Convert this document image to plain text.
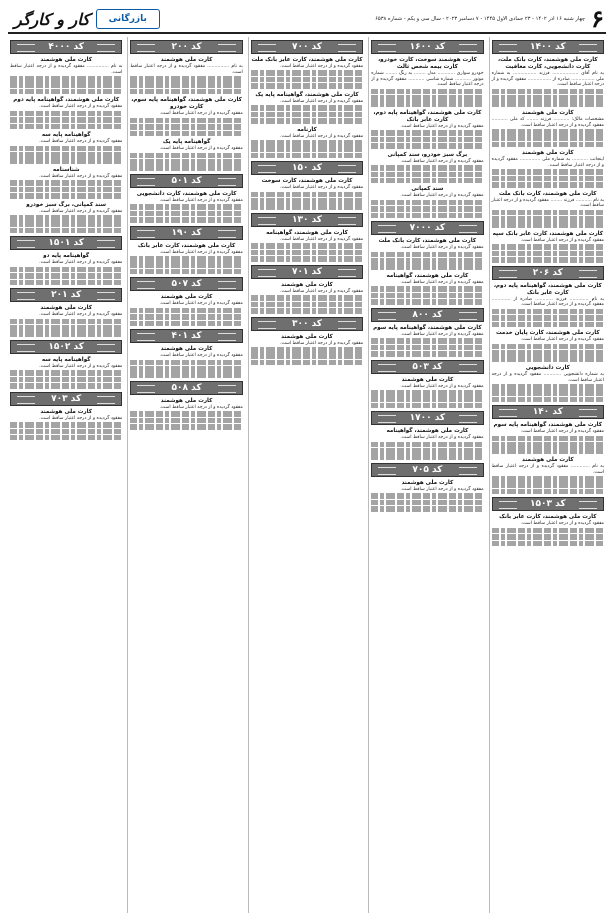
۶
چهار شنبه ۱۶ آذر ۱۴۰۲ - ۲۳ جمادی الاول ۱۴۴۵ - ۷ دسامبر ۲۰۲۳ - سال سی و یکم - شماره ۶۵۳۸
بازرگانی
کار و کارگر
کد ۱۴۰۰
کارت ملی هوشمند، کارت بانک ملت، کارت دانشجویی، کارت معافیت
به نام آقای .................. فرزند ................ به شماره ملی ................ صادره از ................ مفقود گردیده و از درجه اعتبار ساقط است.
کارت ملی هوشمند
مشخصات مالک: ........... فرزند ........ کد ملی ........... مفقود گردیده و از درجه اعتبار ساقط است.
کارت ملی هوشمند
اینجانب ........... به شماره ملی .............. مفقود گردیده و از درجه اعتبار ساقط است.
کارت ملی هوشمند، کارت بانک ملت
به نام ........... فرزند ........ مفقود گردیده و از درجه اعتبار ساقط است.
کارت ملی هوشمند، کارت عابر بانک سپه
مفقود گردیده و از درجه اعتبار ساقط است.
کد ۲۰۶
کارت ملی هوشمند، گواهینامه پایه دوم، کارت عابر بانک
به نام ............. فرزند ............ صادره از ............. مفقود گردیده و از درجه اعتبار ساقط است.
کارت ملی هوشمند، کارت پایان خدمت
مفقود گردیده و از درجه اعتبار ساقط است.
کارت دانشجویی
به شماره دانشجویی ............ مفقود گردیده و از درجه اعتبار ساقط است.
کد ۱۴۰
کارت ملی هوشمند، گواهینامه پایه سوم
مفقود گردیده و از درجه اعتبار ساقط است.
کارت ملی هوشمند
به نام ............. مفقود گردیده و از درجه اعتبار ساقط است.
کد ۱۵۰۳
کارت ملی هوشمند، کارت عابر بانک
مفقود گردیده و از درجه اعتبار ساقط است.
کد ۱۶۰۰
کارت هوشمند سوخت، کارت خودرو، کارت بیمه شخص ثالث
خودرو سواری ............ مدل ........ به رنگ ........ شماره موتور ........... شماره شاسی ........... مفقود گردیده و از درجه اعتبار ساقط است.
کارت ملی هوشمند، گواهینامه پایه دوم، کارت عابر بانک
مفقود گردیده و از درجه اعتبار ساقط است.
برگ سبز خودرو، سند کمپانی
مفقود گردیده و از درجه اعتبار ساقط است.
سند کمپانی
مفقود گردیده و از درجه اعتبار ساقط است.
کد ۷۰۰۰
کارت ملی هوشمند، کارت بانک ملت
مفقود گردیده و از درجه اعتبار ساقط است.
کارت ملی هوشمند، گواهینامه
مفقود گردیده و از درجه اعتبار ساقط است.
کد ۸۰۰
کارت ملی هوشمند، گواهینامه پایه سوم
مفقود گردیده و از درجه اعتبار ساقط است.
کد ۵۰۳
کارت ملی هوشمند
مفقود گردیده و از درجه اعتبار ساقط است.
کد ۱۷۰۰
کارت ملی هوشمند، گواهینامه
مفقود گردیده و از درجه اعتبار ساقط است.
کد ۷۰۵
کارت ملی هوشمند
مفقود گردیده و از درجه اعتبار ساقط است.
کد ۷۰۰
کارت ملی هوشمند، کارت عابر بانک ملت
مفقود گردیده و از درجه اعتبار ساقط است.
کارت ملی هوشمند، گواهینامه پایه یک
مفقود گردیده و از درجه اعتبار ساقط است.
کارنامه
مفقود گردیده و از درجه اعتبار ساقط است.
کد ۱۵۰
کارت ملی هوشمند، کارت سوخت
مفقود گردیده و از درجه اعتبار ساقط است.
کد ۱۳۰
کارت ملی هوشمند، گواهینامه
مفقود گردیده و از درجه اعتبار ساقط است.
کد ۷۰۱
کارت ملی هوشمند
مفقود گردیده و از درجه اعتبار ساقط است.
کد ۳۰۰
کارت ملی هوشمند
مفقود گردیده و از درجه اعتبار ساقط است.
کد ۲۰۰
کارت ملی هوشمند
به نام ............... مفقود گردیده و از درجه اعتبار ساقط است.
کارت ملی هوشمند، گواهینامه پایه سوم، کارت خودرو
مفقود گردیده و از درجه اعتبار ساقط است.
گواهینامه پایه یک
مفقود گردیده و از درجه اعتبار ساقط است.
کد ۵۰۱
کارت ملی هوشمند، کارت دانشجویی
مفقود گردیده و از درجه اعتبار ساقط است.
کد ۱۹۰
کارت ملی هوشمند، کارت عابر بانک
مفقود گردیده و از درجه اعتبار ساقط است.
کد ۵۰۷
کارت ملی هوشمند
مفقود گردیده و از درجه اعتبار ساقط است.
کد ۴۰۱
کارت ملی هوشمند
مفقود گردیده و از درجه اعتبار ساقط است.
کد ۵۰۸
کارت ملی هوشمند
مفقود گردیده و از درجه اعتبار ساقط است.
کد ۴۰۰۰
کارت ملی هوشمند
به نام ............... مفقود گردیده و از درجه اعتبار ساقط است.
کارت ملی هوشمند، گواهینامه پایه دوم
مفقود گردیده و از درجه اعتبار ساقط است.
گواهینامه پایه سه
مفقود گردیده و از درجه اعتبار ساقط است.
شناسنامه
مفقود گردیده و از درجه اعتبار ساقط است.
سند کمپانی، برگ سبز خودرو
مفقود گردیده و از درجه اعتبار ساقط است.
کد ۱۵۰۱
گواهینامه پایه دو
مفقود گردیده و از درجه اعتبار ساقط است.
کد ۲۰۱
کارت ملی هوشمند
مفقود گردیده و از درجه اعتبار ساقط است.
کد ۱۵۰۲
گواهینامه پایه سه
مفقود گردیده و از درجه اعتبار ساقط است.
کد ۷۰۳
کارت ملی هوشمند
مفقود گردیده و از درجه اعتبار ساقط است.
